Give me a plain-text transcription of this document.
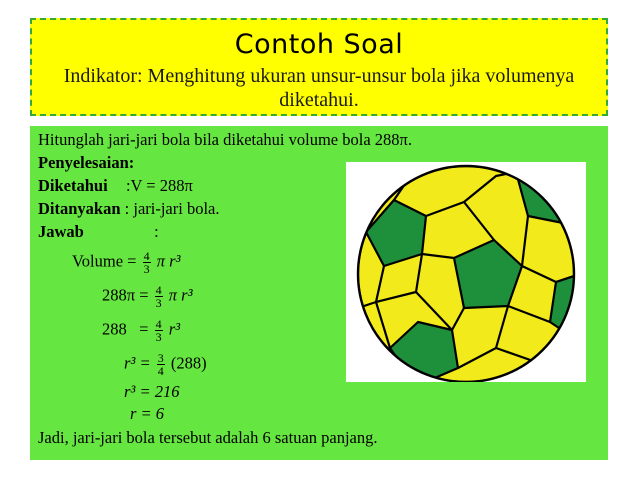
Contoh Soal
Indikator: Menghitung ukuran unsur-unsur bola jika volumenya diketahui.
Hitunglah jari-jari bola bila diketahui volume bola 288π.
Penyelesaian:
Diketahui :V = 288π
Ditanyakan : jari-jari bola.
Jawab	:
Volume = $\frac{4}{3}$ π r³
$288\pi = \frac{4}{3}$ π r³
$288 = \frac{4}{3} r^3$
$r^3 = \frac{3}{4} (288)$
r³ = 216
r = 6
Jadi, jari-jari bola tersebut adalah 6 satuan panjang.
